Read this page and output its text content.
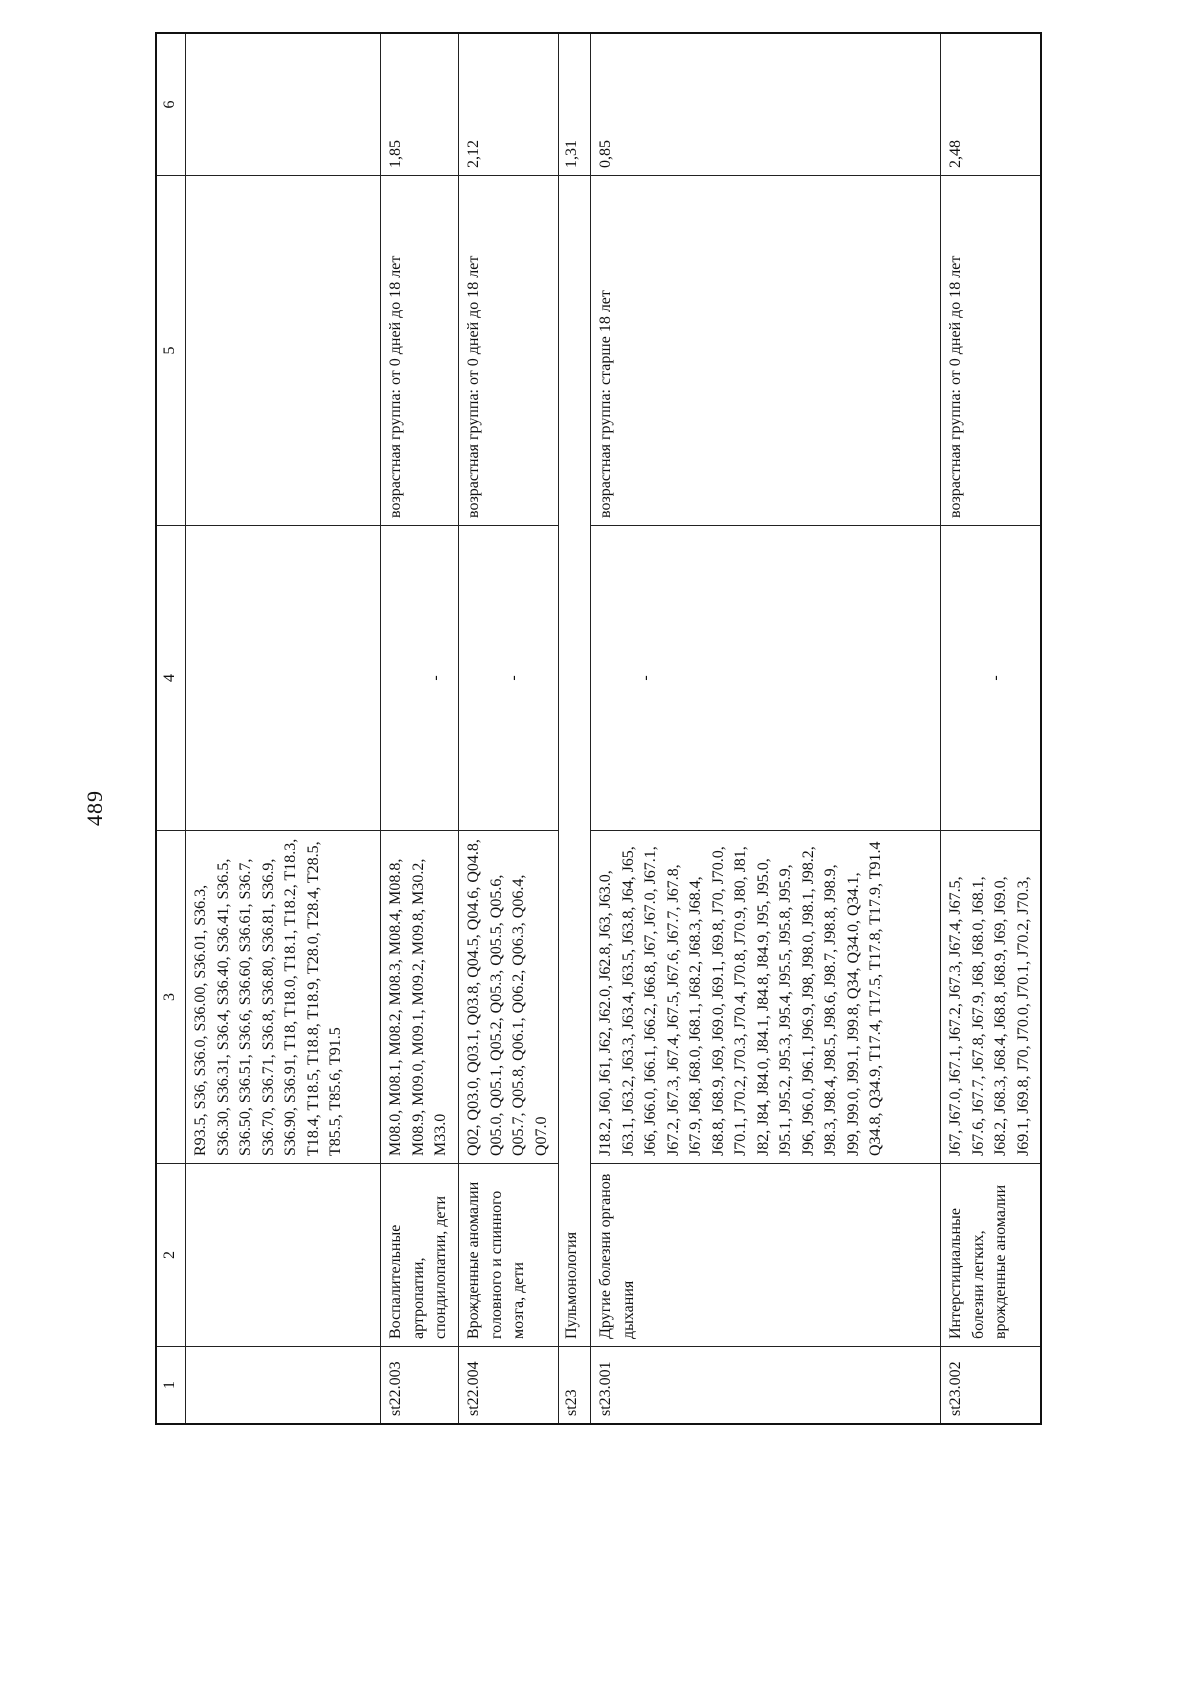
489
1	2	3	4	5	6
		R93.5, S36, S36.0, S36.00, S36.01, S36.3, S36.30, S36.31, S36.4, S36.40, S36.41, S36.5, S36.50, S36.51, S36.6, S36.60, S36.61, S36.7, S36.70, S36.71, S36.8, S36.80, S36.81, S36.9, S36.90, S36.91, T18, T18.0, T18.1, T18.2, T18.3, T18.4, T18.5, T18.8, T18.9, T28.0, T28.4, T28.5, T85.5, T85.6, T91.5			
st22.003	Воспалительные артропатии, спондилопатии, дети	M08.0, M08.1, M08.2, M08.3, M08.4, M08.8, M08.9, M09.0, M09.1, M09.2, M09.8, M30.2, M33.0	-	возрастная группа: от 0 дней до 18 лет	1,85
st22.004	Врожденные аномалии головного и спинного мозга, дети	Q02, Q03.0, Q03.1, Q03.8, Q04.5, Q04.6, Q04.8, Q05.0, Q05.1, Q05.2, Q05.3, Q05.5, Q05.6, Q05.7, Q05.8, Q06.1, Q06.2, Q06.3, Q06.4, Q07.0	-	возрастная группа: от 0 дней до 18 лет	2,12
st23	Пульмонология				1,31
st23.001	Другие болезни органов дыхания	J18.2, J60, J61, J62, J62.0, J62.8, J63, J63.0, J63.1, J63.2, J63.3, J63.4, J63.5, J63.8, J64, J65, J66, J66.0, J66.1, J66.2, J66.8, J67, J67.0, J67.1, J67.2, J67.3, J67.4, J67.5, J67.6, J67.7, J67.8, J67.9, J68, J68.0, J68.1, J68.2, J68.3, J68.4, J68.8, J68.9, J69, J69.0, J69.1, J69.8, J70, J70.0, J70.1, J70.2, J70.3, J70.4, J70.8, J70.9, J80, J81, J82, J84, J84.0, J84.1, J84.8, J84.9, J95, J95.0, J95.1, J95.2, J95.3, J95.4, J95.5, J95.8, J95.9, J96, J96.0, J96.1, J96.9, J98, J98.0, J98.1, J98.2, J98.3, J98.4, J98.5, J98.6, J98.7, J98.8, J98.9, J99, J99.0, J99.1, J99.8, Q34, Q34.0, Q34.1, Q34.8, Q34.9, T17.4, T17.5, T17.8, T17.9, T91.4	-	возрастная группа: старше 18 лет	0,85
st23.002	Интерстициальные болезни легких, врожденные аномалии	J67, J67.0, J67.1, J67.2, J67.3, J67.4, J67.5, J67.6, J67.7, J67.8, J67.9, J68, J68.0, J68.1, J68.2, J68.3, J68.4, J68.8, J68.9, J69, J69.0, J69.1, J69.8, J70, J70.0, J70.1, J70.2, J70.3,	-	возрастная группа: от 0 дней до 18 лет	2,48
